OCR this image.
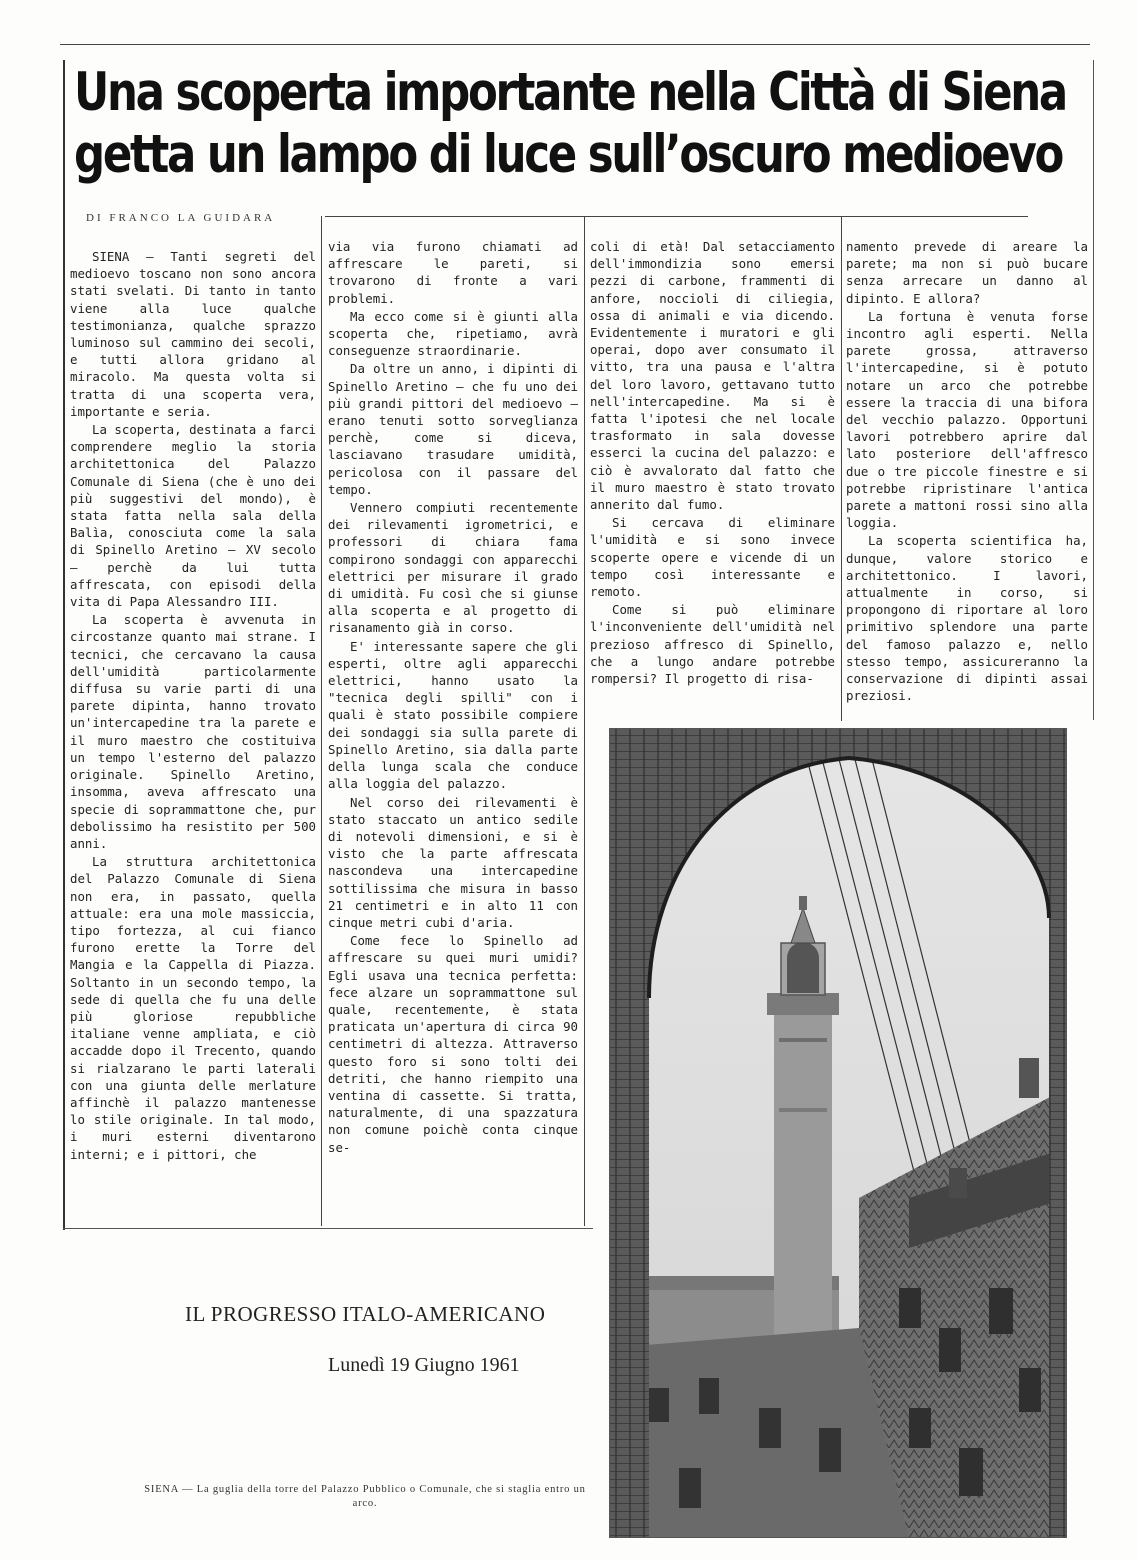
Una scoperta importante nella Città di Siena
getta un lampo di luce sull’oscuro medioevo
DI FRANCO LA GUIDARA

SIENA — Tanti segreti del medioevo toscano non sono ancora stati svelati. Di tanto in tanto viene alla luce qualche testimonianza, qualche sprazzo luminoso sul cammino dei secoli, e tutti allora gridano al miracolo. Ma questa volta si tratta di una scoperta vera, importante e seria.

La scoperta, destinata a farci comprendere meglio la storia architettonica del Palazzo Comunale di Siena (che è uno dei più suggestivi del mondo), è stata fatta nella sala della Balìa, conosciuta come la sala di Spinello Aretino — XV secolo — perchè da lui tutta affrescata, con episodi della vita di Papa Alessandro III.

La scoperta è avvenuta in circostanze quanto mai strane. I tecnici, che cercavano la causa dell'umidità particolarmente diffusa su varie parti di una parete dipinta, hanno trovato un'intercapedine tra la parete e il muro maestro che costituiva un tempo l'esterno del palazzo originale. Spinello Aretino, insomma, aveva affrescato una specie di soprammattone che, pur debolissimo ha resistito per 500 anni.

La struttura architettonica del Palazzo Comunale di Siena non era, in passato, quella attuale: era una mole massiccia, tipo fortezza, al cui fianco furono erette la Torre del Mangia e la Cappella di Piazza. Soltanto in un secondo tempo, la sede di quella che fu una delle più gloriose repubbliche italiane venne ampliata, e ciò accadde dopo il Trecento, quando si rialzarano le parti laterali con una giunta delle merlature affinchè il palazzo mantenesse lo stile originale. In tal modo, i muri esterni diventarono interni; e i pittori, che

via via furono chiamati ad affrescare le pareti, si trovarono di fronte a vari problemi.

Ma ecco come si è giunti alla scoperta che, ripetiamo, avrà conseguenze straordinarie.

Da oltre un anno, i dipinti di Spinello Aretino — che fu uno dei più grandi pittori del medioevo — erano tenuti sotto sorveglianza perchè, come si diceva, lasciavano trasudare umidità, pericolosa con il passare del tempo.

Vennero compiuti recentemente dei rilevamenti igrometrici, e professori di chiara fama compirono sondaggi con apparecchi elettrici per misurare il grado di umidità. Fu così che si giunse alla scoperta e al progetto di risanamento già in corso.

E' interessante sapere che gli esperti, oltre agli apparecchi elettrici, hanno usato la "tecnica degli spilli" con i quali è stato possibile compiere dei sondaggi sia sulla parete di Spinello Aretino, sia dalla parte della lunga scala che conduce alla loggia del palazzo.

Nel corso dei rilevamenti è stato staccato un antico sedile di notevoli dimensioni, e si è visto che la parte affrescata nascondeva una intercapedine sottilissima che misura in basso 21 centimetri e in alto 11 con cinque metri cubi d'aria.

Come fece lo Spinello ad affrescare su quei muri umidi? Egli usava una tecnica perfetta: fece alzare un soprammattone sul quale, recentemente, è stata praticata un'apertura di circa 90 centimetri di altezza. Attraverso questo foro si sono tolti dei detriti, che hanno riempito una ventina di cassette. Si tratta, naturalmente, di una spazzatura non comune poichè conta cinque se-

coli di età! Dal setacciamento dell'immondizia sono emersi pezzi di carbone, frammenti di anfore, noccioli di ciliegia, ossa di animali e via dicendo. Evidentemente i muratori e gli operai, dopo aver consumato il vitto, tra una pausa e l'altra del loro lavoro, gettavano tutto nell'intercapedine. Ma si è fatta l'ipotesi che nel locale trasformato in sala dovesse esserci la cucina del palazzo: e ciò è avvalorato dal fatto che il muro maestro è stato trovato annerito dal fumo.

Si cercava di eliminare l'umidità e si sono invece scoperte opere e vicende di un tempo così interessante e remoto.

Come si può eliminare l'inconveniente dell'umidità nel prezioso affresco di Spinello, che a lungo andare potrebbe rompersi? Il progetto di risa-

namento prevede di areare la parete; ma non si può bucare senza arrecare un danno al dipinto. E allora?

La fortuna è venuta forse incontro agli esperti. Nella parete grossa, attraverso l'intercapedine, si è potuto notare un arco che potrebbe essere la traccia di una bifora del vecchio palazzo. Opportuni lavori potrebbero aprire dal lato posteriore dell'affresco due o tre piccole finestre e si potrebbe ripristinare l'antica parete a mattoni rossi sino alla loggia.

La scoperta scientifica ha, dunque, valore storico e architettonico. I lavori, attualmente in corso, si propongono di riportare al loro primitivo splendore una parte del famoso palazzo e, nello stesso tempo, assicureranno la conservazione di dipinti assai preziosi.

IL PROGRESSO ITALO-AMERICANO
Lunedì 19 Giugno 1961
SIENA — La guglia della torre del Palazzo Pubblico o Comunale, che si staglia entro un arco.
